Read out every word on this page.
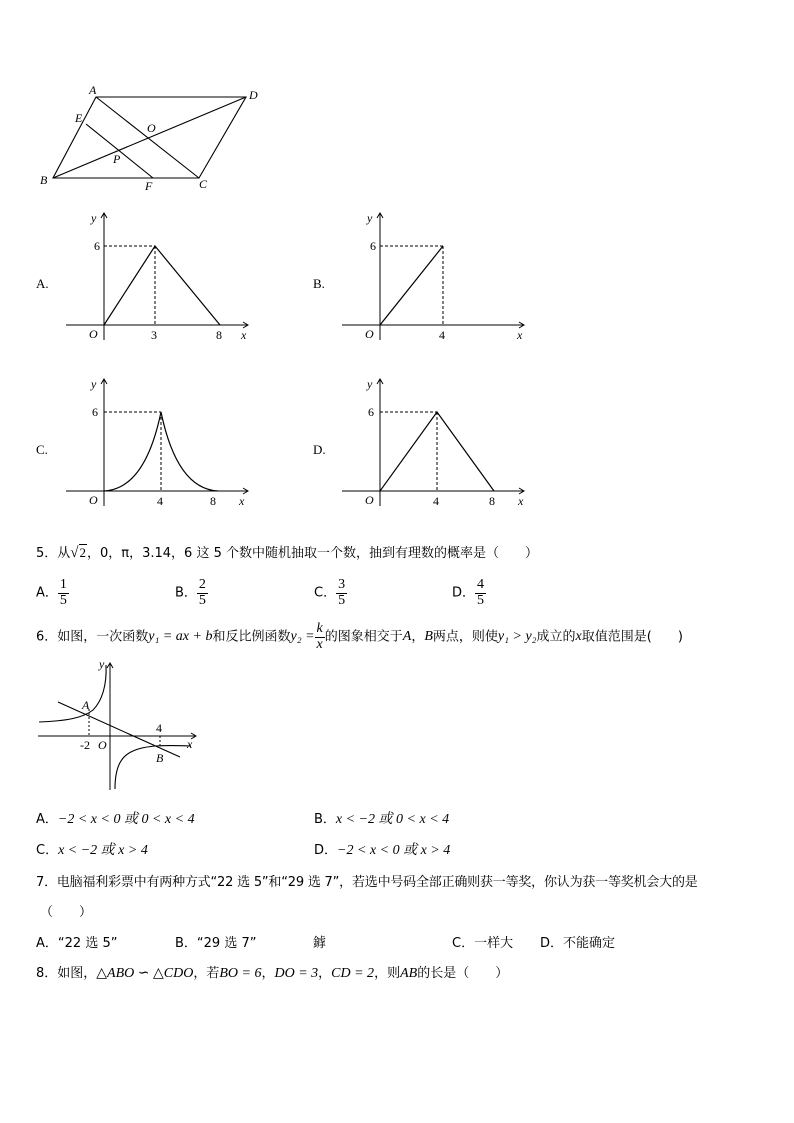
A	D
E
O
P
B	F	C
A.
y
6
O	3	8 x
B.
y
6
O	4	x
C.
y
6
O	4	8 x
D.
y
6
O	4	8 x
5．从√2，0，π，3.14，6 这 5 个数中随机抽取一个数，抽到有理数的概率是（　　）
A． $\frac{1}{5}$	B． $\frac{2}{5}$	C． $\frac{3}{5}$	D． $\frac{4}{5}$
6．如图，一次函数y₁ = ax + b和反比例函数$y_2 = \frac{k}{x}$ 的图象相交于A，B两点，则使y₁ > y₂成立的x取值范围是(　　)
y
x
O
-2
4
A
B
A．−2 < x < 0 或 0 < x < 4	B．x < −2 或 0 < x < 4
C．x < −2 或 x > 4	D．−2 < x < 0 或 x > 4
7．电脑福利彩票中有两种方式“22 选 5”和“29 选 7”，若选中号码全部正确则获一等奖，你认为获一等奖机会大的是
（　　）
A．“22 选 5”	B．“29 选 7”	鎼	C．一样大 D．不能确定
8．如图，△ABO ∽ △CDO，若BO = 6，DO = 3，CD = 2，则AB的长是（　　）
